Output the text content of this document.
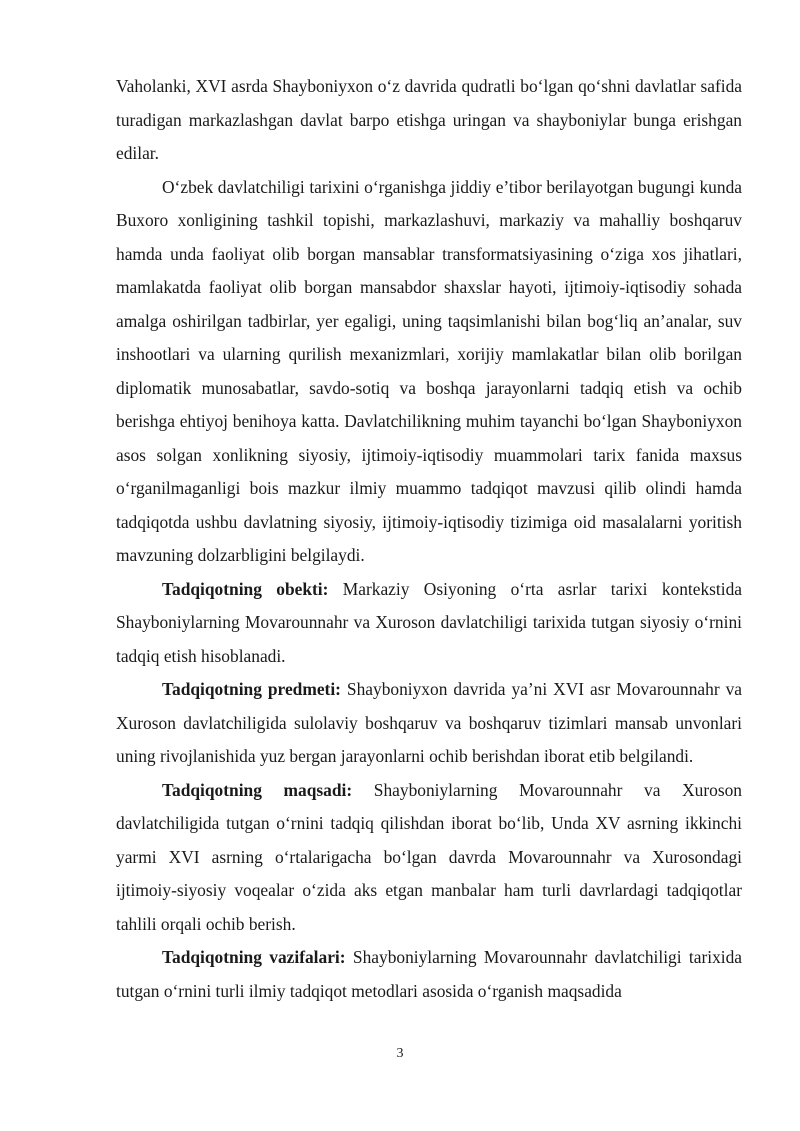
Vaholanki, XVI asrda Shayboniyxon o‘z davrida qudratli bo‘lgan qo‘shni davlatlar safida turadigan markazlashgan davlat barpo etishga uringan va shayboniylar bunga erishgan edilar.

O‘zbek davlatchiligi tarixini o‘rganishga jiddiy e’tibor berilayotgan bugungi kunda Buxoro xonligining tashkil topishi, markazlashuvi, markaziy va mahalliy boshqaruv hamda unda faoliyat olib borgan mansablar transformatsiyasining o‘ziga xos jihatlari, mamlakatda faoliyat olib borgan mansabdor shaxslar hayoti, ijtimoiy-iqtisodiy sohada amalga oshirilgan tadbirlar, yer egaligi, uning taqsimlanishi bilan bog‘liq an’analar, suv inshootlari va ularning qurilish mexanizmlari, xorijiy mamlakatlar bilan olib borilgan diplomatik munosabatlar, savdo-sotiq va boshqa jarayonlarni tadqiq etish va ochib berishga ehtiyoj benihoya katta. Davlatchilikning muhim tayanchi bo‘lgan Shayboniyxon asos solgan xonlikning siyosiy, ijtimoiy-iqtisodiy muammolari tarix fanida maxsus o‘rganilmaganligi bois mazkur ilmiy muammo tadqiqot mavzusi qilib olindi hamda tadqiqotda ushbu davlatning siyosiy, ijtimoiy-iqtisodiy tizimiga oid masalalarni yoritish mavzuning dolzarbligini belgilaydi.

Tadqiqotning obekti: Markaziy Osiyoning o‘rta asrlar tarixi kontekstida Shayboniylarning Movarounnahr va Xuroson davlatchiligi tarixida tutgan siyosiy o‘rnini tadqiq etish hisoblanadi.

Tadqiqotning predmeti: Shayboniyxon davrida ya’ni XVI asr Movarounnahr va Xuroson davlatchiligida sulolaviy boshqaruv va boshqaruv tizimlari mansab unvonlari uning rivojlanishida yuz bergan jarayonlarni ochib berishdan iborat etib belgilandi.

Tadqiqotning maqsadi: Shayboniylarning Movarounnahr va Xuroson davlatchiligida tutgan o‘rnini tadqiq qilishdan iborat bo‘lib, Unda XV asrning ikkinchi yarmi XVI asrning o‘rtalarigacha bo‘lgan davrda Movarounnahr va Xurosondagi ijtimoiy-siyosiy voqealar o‘zida aks etgan manbalar ham turli davrlardagi tadqiqotlar tahlili orqali ochib berish.

Tadqiqotning vazifalari: Shayboniylarning Movarounnahr davlatchiligi tarixida tutgan o‘rnini turli ilmiy tadqiqot metodlari asosida o‘rganish maqsadida

3
